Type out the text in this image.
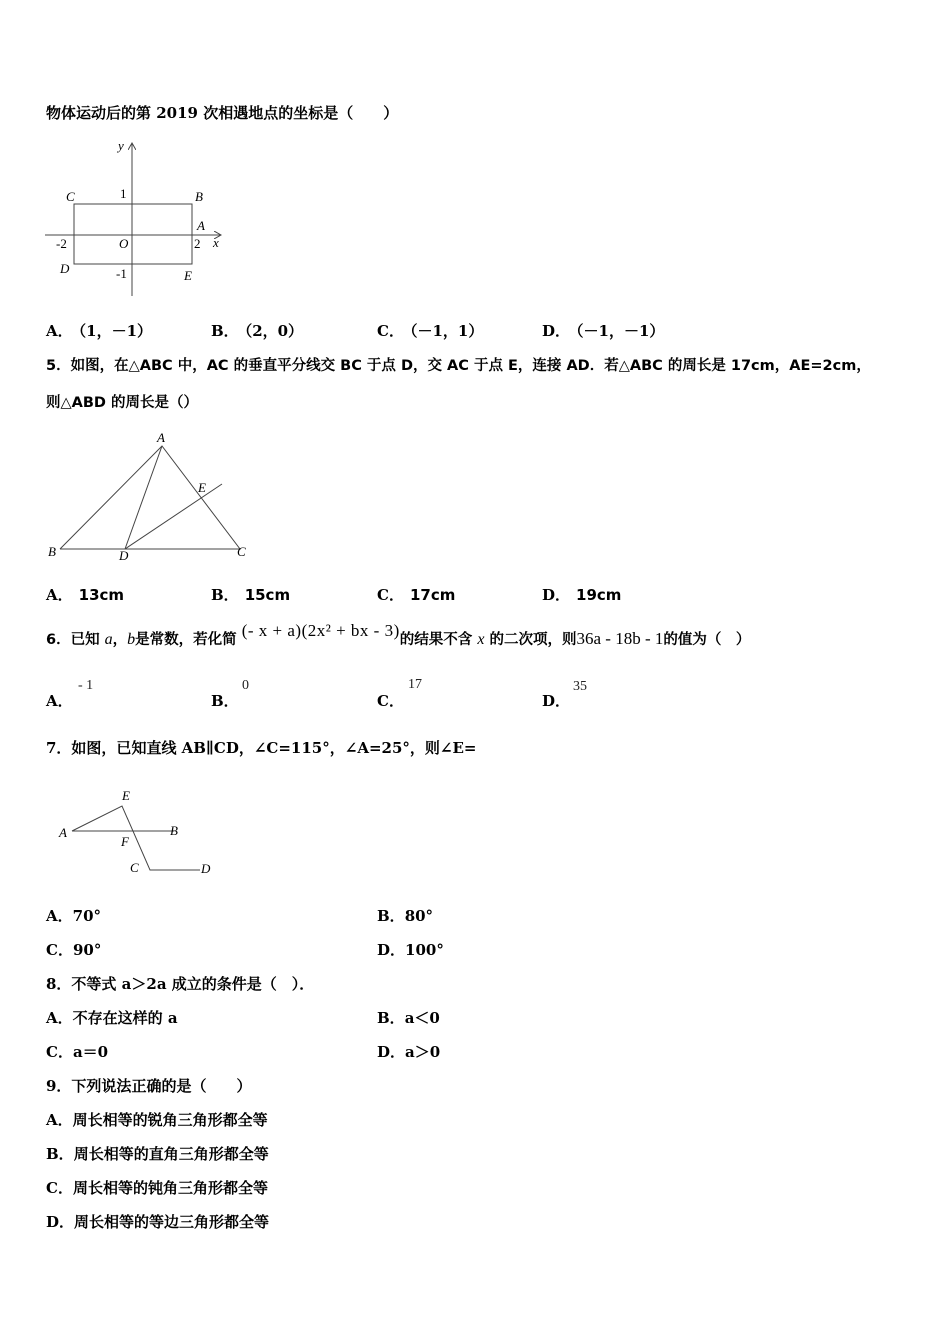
物体运动后的第 2019 次相遇地点的坐标是（　　）
y
x
C	B
A
O
D	E
1
-1
-2	2
A． （1，－1）	B． （2，0）	C． （－1，1）	D． （－1，－1）
5．如图，在△ABC 中，AC 的垂直平分线交 BC 于点 D，交 AC 于点 E，连接 AD．若△ABC 的周长是 17cm，AE=2cm，
则△ABD 的周长是（）
A
B	C
D
E
A． 13cm	B． 15cm	C． 17cm	D． 19cm
6．已知 a，b是常数，若化简 (- x + a)(2x² + bx - 3)的结果不含 x 的二次项，则36a - 18b - 1的值为（　）
A．
- 1
B．
0
C．
17
D．
35
7．如图，已知直线 AB∥CD，∠C=115°，∠A=25°，则∠E=
A	B
C	D
E
F
A．70°	B．80°
C．90°	D．100°
8．不等式 a＞2a 成立的条件是（　）．
A．不存在这样的 a	B．a＜0
C．a＝0	D．a＞0
9．下列说法正确的是（　　）
A．周长相等的锐角三角形都全等
B．周长相等的直角三角形都全等
C．周长相等的钝角三角形都全等
D．周长相等的等边三角形都全等
